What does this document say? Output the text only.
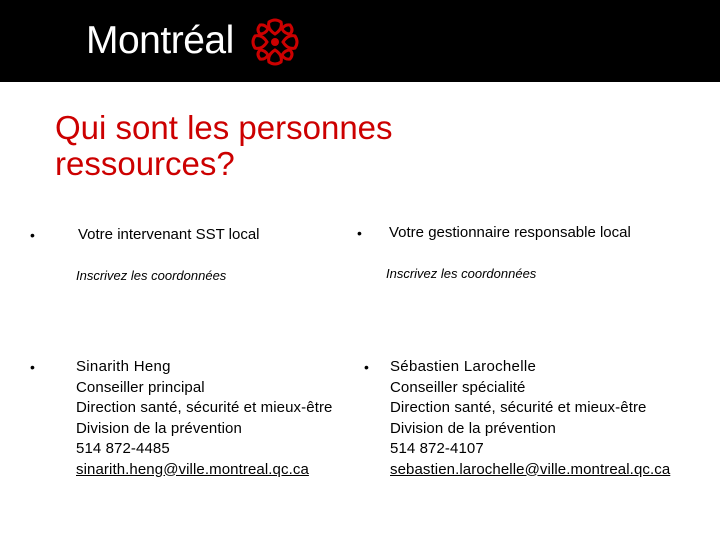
Montréal
Qui sont les personnes
ressources?
•	Votre intervenant SST local
Inscrivez les coordonnées
•	Sinarith Heng
Conseiller principal
Direction santé, sécurité et mieux-être
Division de la prévention
514 872-4485
sinarith.heng@ville.montreal.qc.ca
• Votre gestionnaire responsable local
Inscrivez les coordonnées
• Sébastien Larochelle
Conseiller spécialité
Direction santé, sécurité et mieux-être
Division de la prévention
514 872-4107
sebastien.larochelle@ville.montreal.qc.ca
